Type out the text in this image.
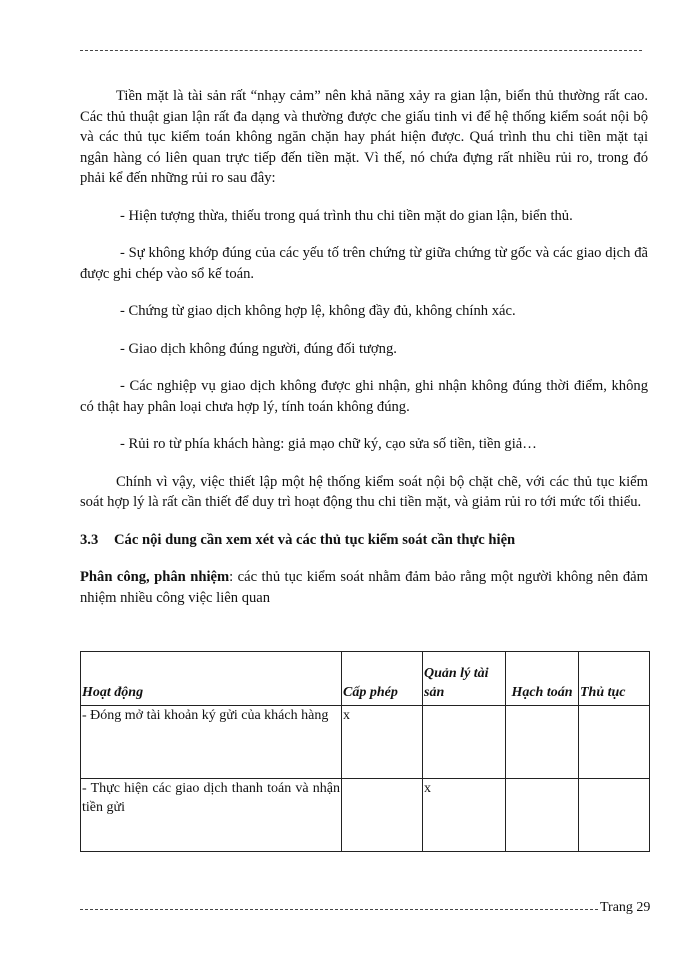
Tiền mặt là tài sản rất “nhạy cảm” nên khả năng xảy ra gian lận, biển thủ thường rất cao. Các thủ thuật gian lận rất đa dạng và thường được che giấu tinh vi để hệ thống kiểm soát nội bộ và các thủ tục kiểm toán không ngăn chặn hay phát hiện được. Quá trình thu chi tiền mặt tại ngân hàng có liên quan trực tiếp đến tiền mặt. Vì thế, nó chứa đựng rất nhiều rủi ro, trong đó phải kể đến những rủi ro sau đây:

- Hiện tượng thừa, thiếu trong quá trình thu chi tiền mặt do gian lận, biển thủ.

- Sự không khớp đúng của các yếu tố trên chứng từ giữa chứng từ gốc và các giao dịch đã được ghi chép vào sổ kế toán.

- Chứng từ giao dịch không hợp lệ, không đầy đủ, không chính xác.

- Giao dịch không đúng người, đúng đối tượng.

- Các nghiệp vụ giao dịch không được ghi nhận, ghi nhận không đúng thời điểm, không có thật hay phân loại chưa hợp lý, tính toán không đúng.

- Rủi ro từ phía khách hàng: giả mạo chữ ký, cạo sửa số tiền, tiền giả…

Chính vì vậy, việc thiết lập một hệ thống kiểm soát nội bộ chặt chẽ, với các thủ tục kiểm soát hợp lý là rất cần thiết để duy trì hoạt động thu chi tiền mặt, và giảm rủi ro tới mức tối thiểu.

3.3 Các nội dung cần xem xét và các thủ tục kiểm soát cần thực hiện

Phân công, phân nhiệm: các thủ tục kiểm soát nhằm đảm bảo rằng một người không nên đảm nhiệm nhiều công việc liên quan

Hoạt động	Cấp phép	Quản lý tài sản	Hạch toán	Thủ tục
- Đóng mở tài khoản ký gửi của khách hàng	x			
- Thực hiện các giao dịch thanh toán và nhận tiền gửi		x		
Trang 29
